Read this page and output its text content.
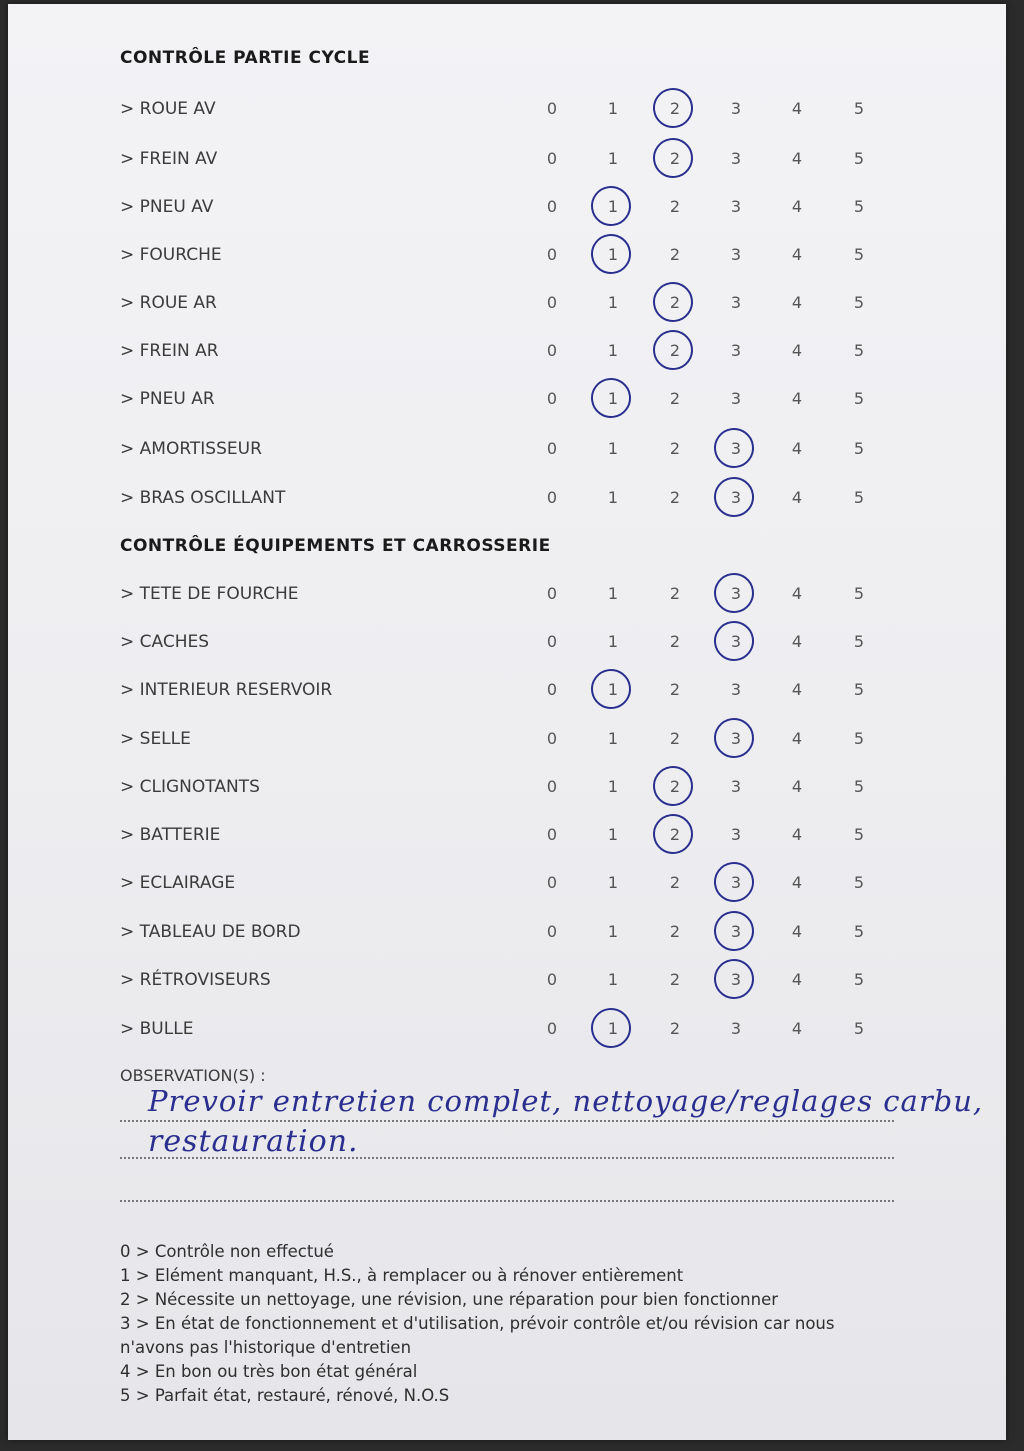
CONTRÔLE PARTIE CYCLE
> ROUE AV	0	1	2	3	4	5
> FREIN AV	0	1	2	3	4	5
> PNEU AV	0	1	2	3	4	5
> FOURCHE	0	1	2	3	4	5
> ROUE AR	0	1	2	3	4	5
> FREIN AR	0	1	2	3	4	5
> PNEU AR	0	1	2	3	4	5
> AMORTISSEUR	0	1	2	3	4	5
> BRAS OSCILLANT	0	1	2	3	4	5
CONTRÔLE ÉQUIPEMENTS ET CARROSSERIE
> TETE DE FOURCHE	0	1	2	3	4	5
> CACHES	0	1	2	3	4	5
> INTERIEUR RESERVOIR	0	1	2	3	4	5
> SELLE	0	1	2	3	4	5
> CLIGNOTANTS	0	1	2	3	4	5
> BATTERIE	0	1	2	3	4	5
> ECLAIRAGE	0	1	2	3	4	5
> TABLEAU DE BORD	0	1	2	3	4	5
> RÉTROVISEURS	0	1	2	3	4	5
> BULLE	0	1	2	3	4	5
OBSERVATION(S) :
Prevoir entretien complet, nettoyage/reglages carbu,
restauration.
0 > Contrôle non effectué
1 > Elément manquant, H.S., à remplacer ou à rénover entièrement
2 > Nécessite un nettoyage, une révision, une réparation pour bien fonctionner
3 > En état de fonctionnement et d'utilisation, prévoir contrôle et/ou révision car nous n'avons pas l'historique d'entretien
4 > En bon ou très bon état général
5 > Parfait état, restauré, rénové, N.O.S
